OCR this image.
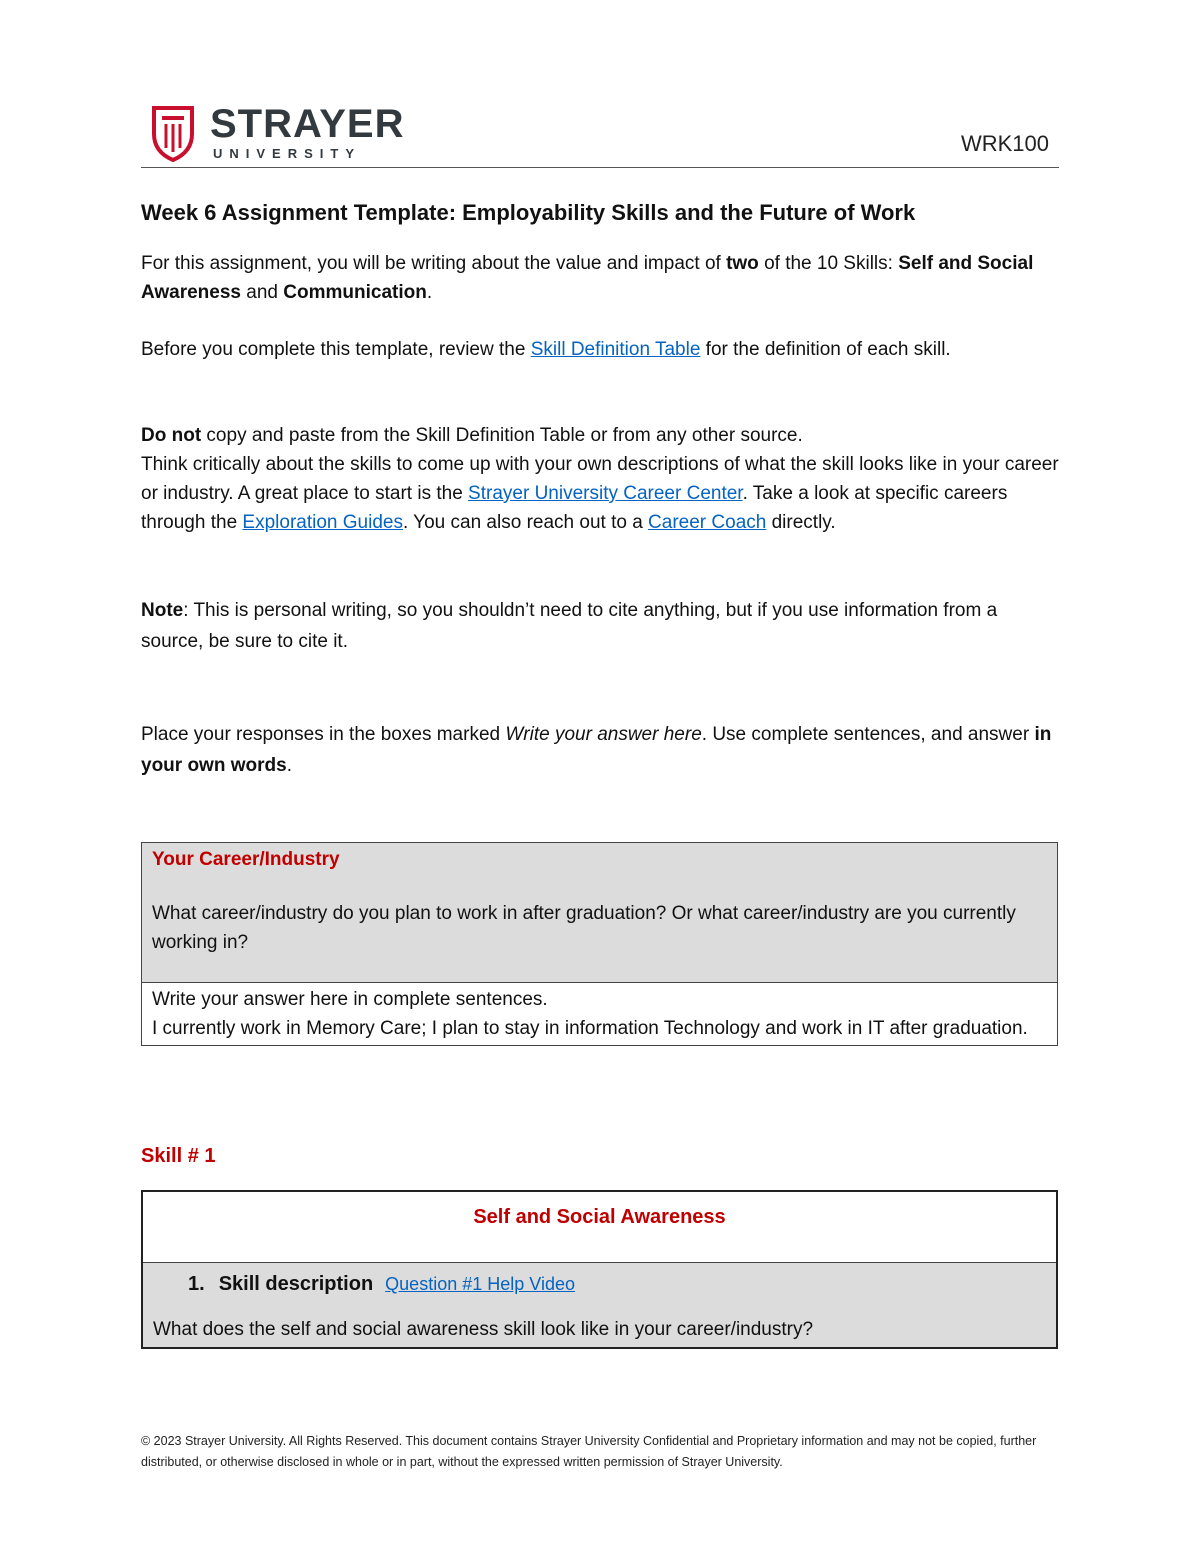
STRAYER
UNIVERSITY	WRK100
Week 6 Assignment Template: Employability Skills and the Future of Work
For this assignment, you will be writing about the value and impact of two of the 10 Skills: Self and Social Awareness and Communication.
Before you complete this template, review the Skill Definition Table for the definition of each skill.
Do not copy and paste from the Skill Definition Table or from any other source.
Think critically about the skills to come up with your own descriptions of what the skill looks like in your career or industry. A great place to start is the Strayer University Career Center. Take a look at specific careers through the Exploration Guides. You can also reach out to a Career Coach directly.
Note: This is personal writing, so you shouldn’t need to cite anything, but if you use information from a source, be sure to cite it.
Place your responses in the boxes marked Write your answer here. Use complete sentences, and answer in your own words.
Your Career/Industry
What career/industry do you plan to work in after graduation? Or what career/industry are you currently working in?
Write your answer here in complete sentences.
I currently work in Memory Care; I plan to stay in information Technology and work in IT after graduation.
Skill # 1
Self and Social Awareness
1. Skill description Question #1 Help Video
What does the self and social awareness skill look like in your career/industry?
© 2023 Strayer University. All Rights Reserved. This document contains Strayer University Confidential and Proprietary information and may not be copied, further distributed, or otherwise disclosed in whole or in part, without the expressed written permission of Strayer University.
